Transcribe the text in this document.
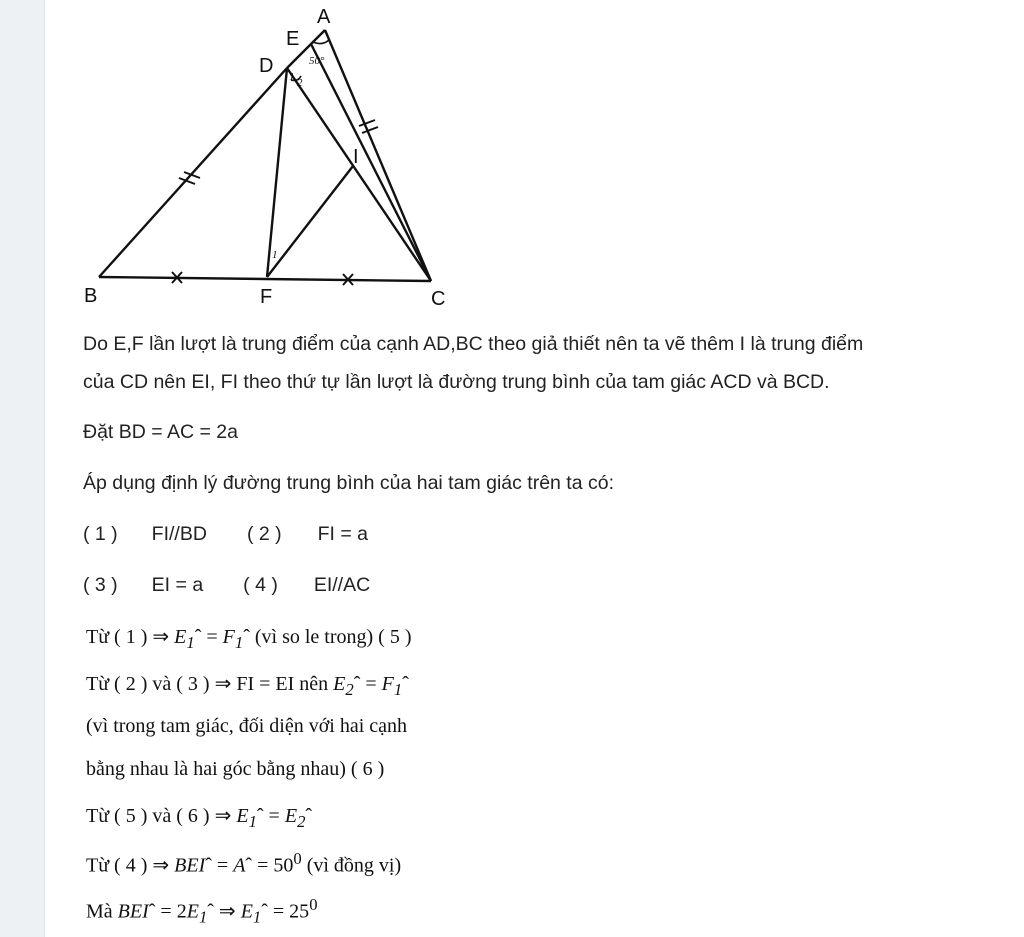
A
E
D
I
B	F	C
50°
1 2
1
Do E,F lần lượt là trung điểm của cạnh AD,BC theo giả thiết nên ta vẽ thêm I là trung điểm
của CD nên EI, FI theo thứ tự lần lượt là đường trung bình của tam giác ACD và BCD.
Đặt BD = AC = 2a
Áp dụng định lý đường trung bình của hai tam giác trên ta có:
( 1 ) FI//BD ( 2 ) FI = a
( 3 ) EI = a ( 4 ) EI//AC
Từ ( 1 ) ⇒ $E_1ˆ$ = $F_1ˆ$ (vì so le trong) ( 5 )
Từ ( 2 ) và ( 3 ) ⇒ FI = EI nên $E_2ˆ$ = $F_1ˆ$
(vì trong tam giác, đối diện với hai cạnh
bằng nhau là hai góc bằng nhau) ( 6 )
Từ ( 5 ) và ( 6 ) ⇒ $E_1ˆ$ = $E_2ˆ$
Từ ( 4 ) ⇒ BEIˆ = Aˆ = $50^0$ (vì đồng vị)
Mà BEIˆ = $2E_1ˆ$ ⇒ $E_1ˆ = 25^0$
